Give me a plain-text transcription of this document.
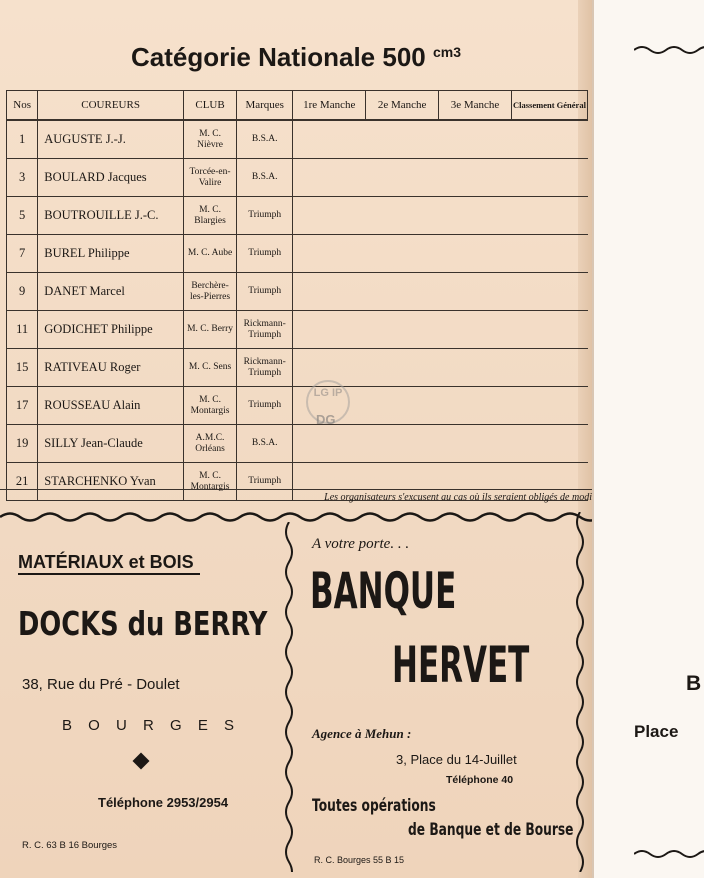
Catégorie Nationale 500 $^{cm3}$
Nos	COUREURS	CLUB	Marques	1re Manche	2e Manche	3e Manche	Classement Général
1	AUGUSTE J.-J.	M. C. Nièvre	B.S.A.				
3	BOULARD Jacques	Torcée-en-Valire	B.S.A.				
5	BOUTROUILLE J.-C.	M. C. Blargies	Triumph				
7	BUREL Philippe	M. C. Aube	Triumph				
9	DANET Marcel	Berchère-les-Pierres	Triumph				
11	GODICHET Philippe	M. C. Berry	Rickmann-Triumph				
15	RATIVEAU Roger	M. C. Sens	Rickmann-Triumph				
17	ROUSSEAU Alain	M. C. Montargis	Triumph				
19	SILLY Jean-Claude	A.M.C. Orléans	B.S.A.				
21	STARCHENKO Yvan	M. C. Montargis	Triumph				
LG IP
DG
Les organisateurs s'excusent au cas où ils seraient obligés de modi
MATÉRIAUX et BOIS
DOCKS du BERRY
38, Rue du Pré - Doulet
B O U R G E S
Téléphone 2953/2954
R. C. 63 B 16 Bourges
A votre porte. . .
BANQUE
HERVET
Agence à Mehun :
3, Place du 14-Juillet
Téléphone 40
Toutes opérations
de Banque et de Bourse
R. C. Bourges 55 B 15
B
Place
